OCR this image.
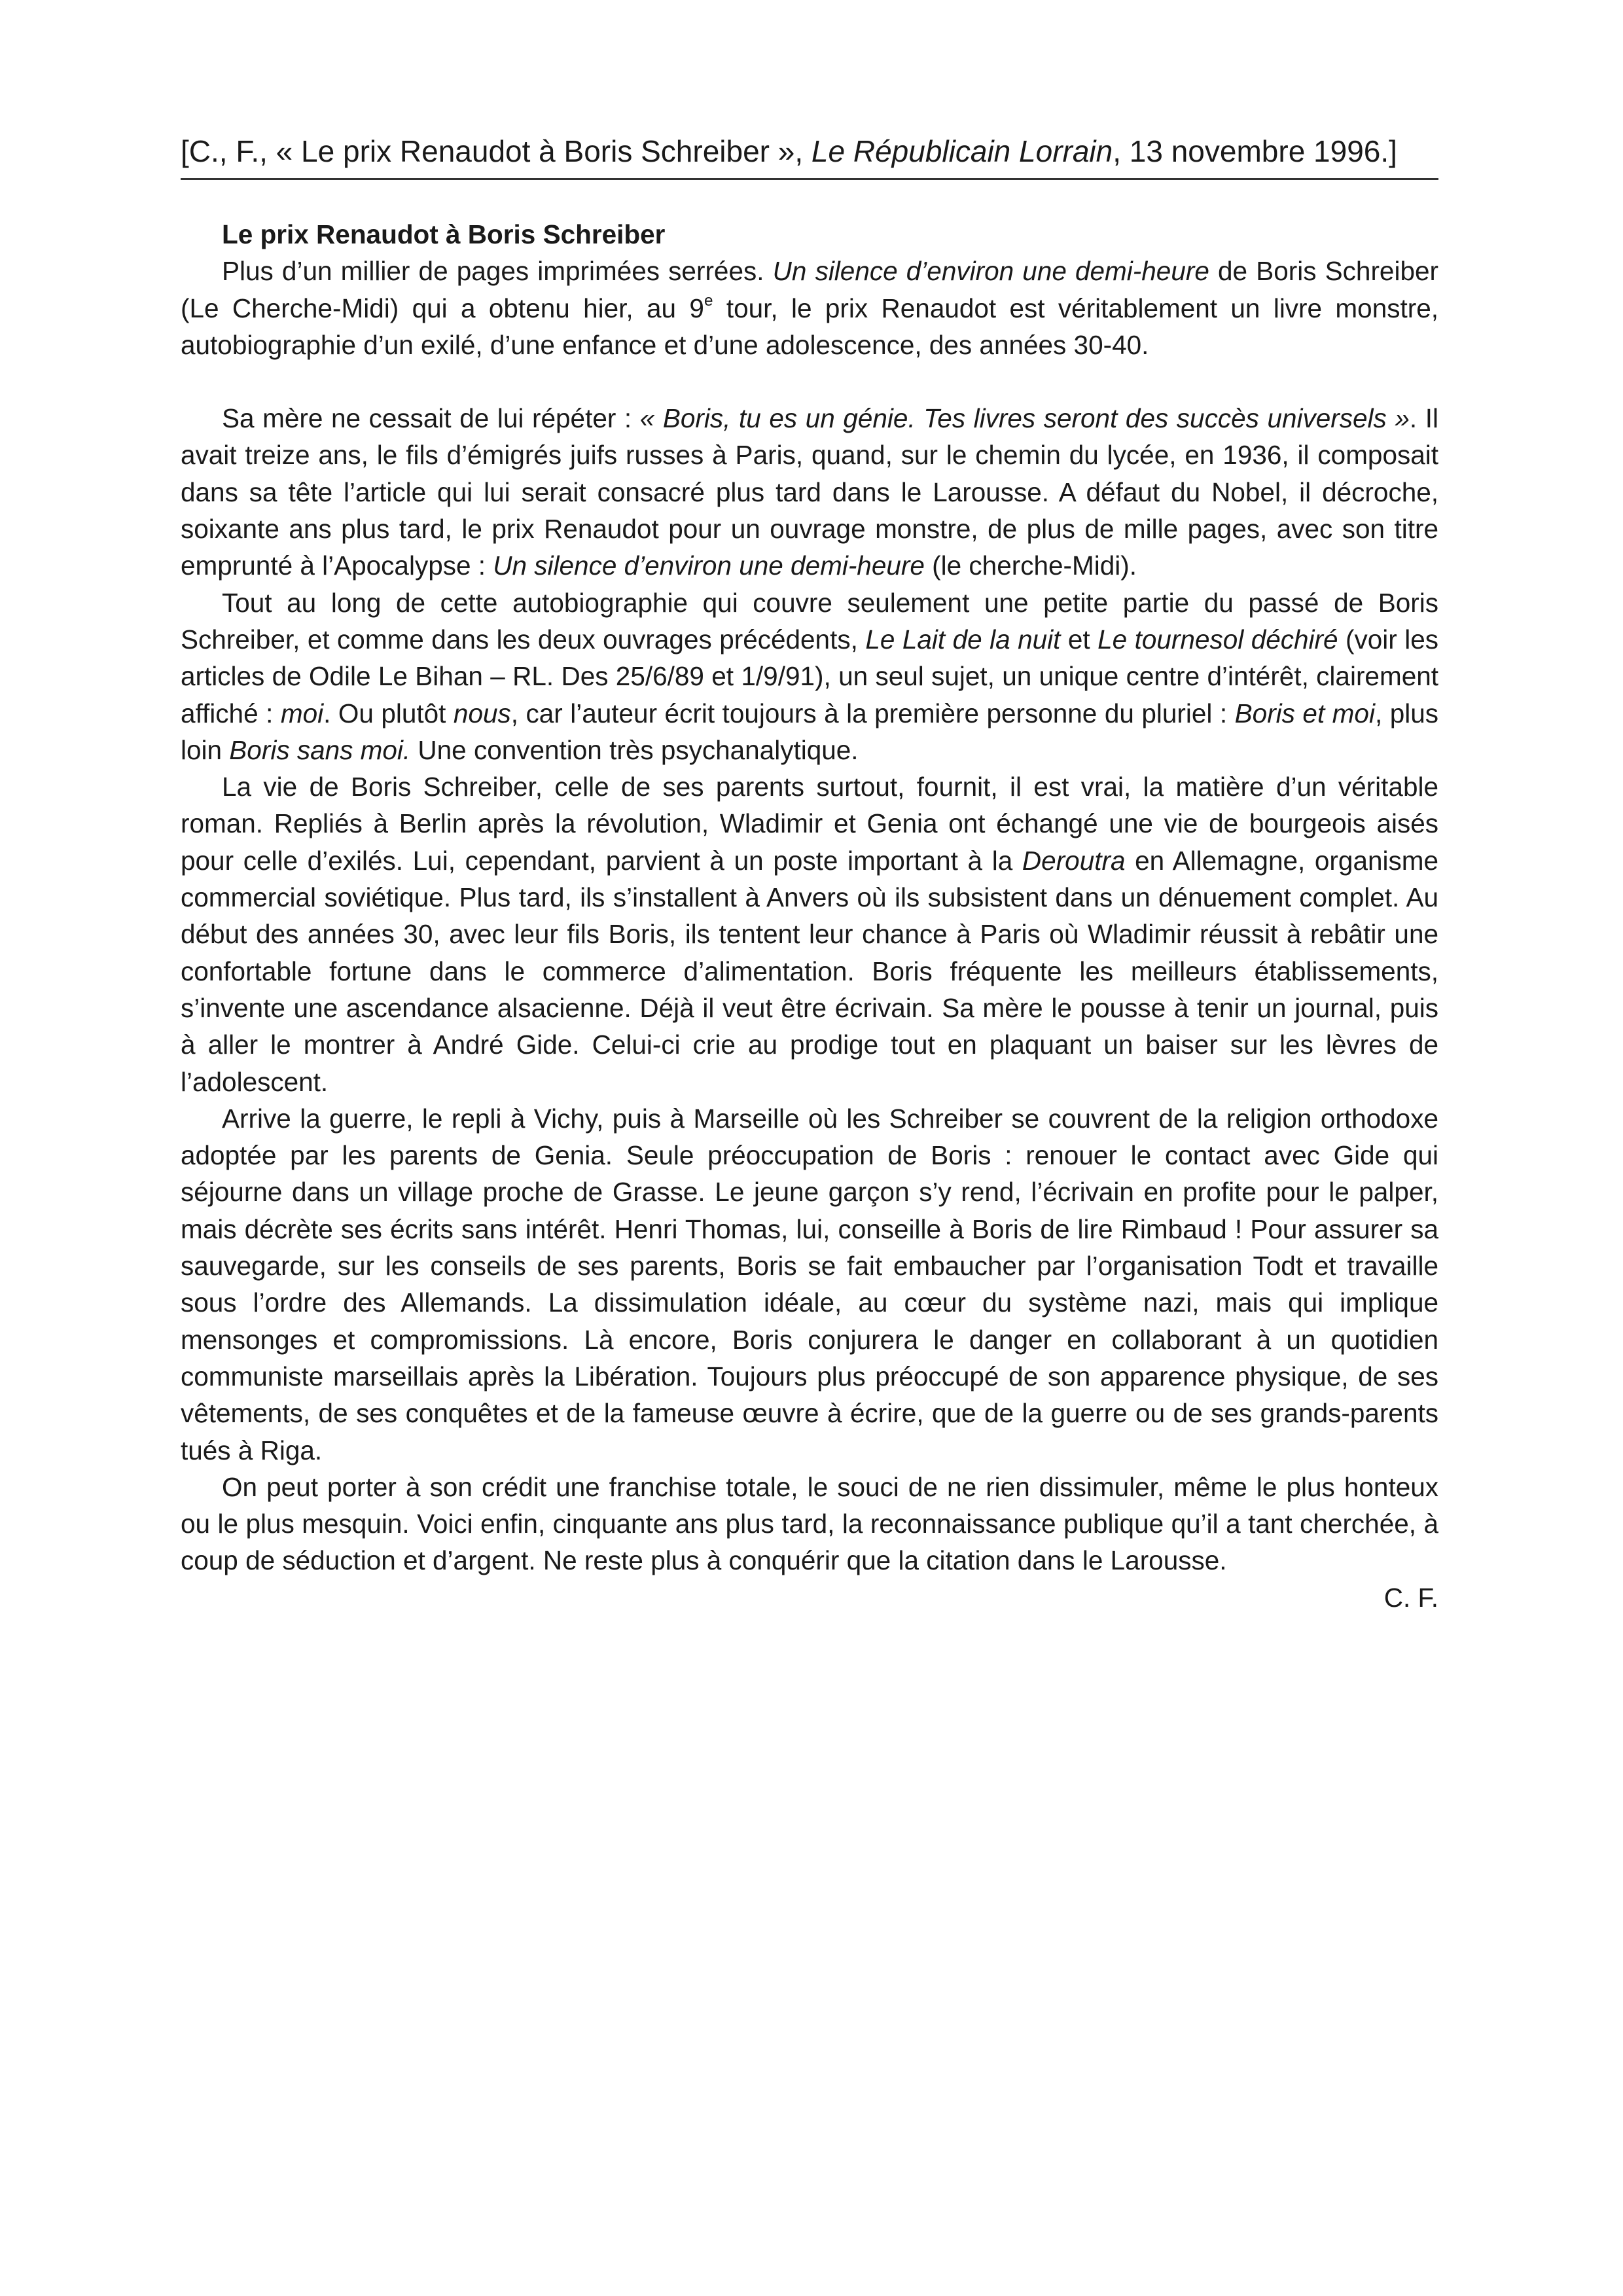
[C., F., « Le prix Renaudot à Boris Schreiber », Le Républicain Lorrain, 13 novembre 1996.]

Le prix Renaudot à Boris Schreiber

Plus d’un millier de pages imprimées serrées. Un silence d’environ une demi-heure de Boris Schreiber (Le Cherche-Midi) qui a obtenu hier, au 9e tour, le prix Renaudot est véritablement un livre monstre, autobiographie d’un exilé, d’une enfance et d’une adolescence, des années 30-40.

Sa mère ne cessait de lui répéter : « Boris, tu es un génie. Tes livres seront des succès universels ». Il avait treize ans, le fils d’émigrés juifs russes à Paris, quand, sur le chemin du lycée, en 1936, il composait dans sa tête l’article qui lui serait consacré plus tard dans le Larousse. A défaut du Nobel, il décroche, soixante ans plus tard, le prix Renaudot pour un ouvrage monstre, de plus de mille pages, avec son titre emprunté à l’Apocalypse : Un silence d’environ une demi-heure (le cherche-Midi).

Tout au long de cette autobiographie qui couvre seulement une petite partie du passé de Boris Schreiber, et comme dans les deux ouvrages précédents, Le Lait de la nuit et Le tournesol déchiré (voir les articles de Odile Le Bihan – RL. Des 25/6/89 et 1/9/91), un seul sujet, un unique centre d’intérêt, clairement affiché : moi. Ou plutôt nous, car l’auteur écrit toujours à la première personne du pluriel : Boris et moi, plus loin Boris sans moi. Une convention très psychanalytique.

La vie de Boris Schreiber, celle de ses parents surtout, fournit, il est vrai, la matière d’un véritable roman. Repliés à Berlin après la révolution, Wladimir et Genia ont échangé une vie de bourgeois aisés pour celle d’exilés. Lui, cependant, parvient à un poste important à la Deroutra en Allemagne, organisme commercial soviétique. Plus tard, ils s’installent à Anvers où ils subsistent dans un dénuement complet. Au début des années 30, avec leur fils Boris, ils tentent leur chance à Paris où Wladimir réussit à rebâtir une confortable fortune dans le commerce d’alimentation. Boris fréquente les meilleurs établissements, s’invente une ascendance alsacienne. Déjà il veut être écrivain. Sa mère le pousse à tenir un journal, puis à aller le montrer à André Gide. Celui-ci crie au prodige tout en plaquant un baiser sur les lèvres de l’adolescent.

Arrive la guerre, le repli à Vichy, puis à Marseille où les Schreiber se couvrent de la religion orthodoxe adoptée par les parents de Genia. Seule préoccupation de Boris : renouer le contact avec Gide qui séjourne dans un village proche de Grasse. Le jeune garçon s’y rend, l’écrivain en profite pour le palper, mais décrète ses écrits sans intérêt. Henri Thomas, lui, conseille à Boris de lire Rimbaud ! Pour assurer sa sauvegarde, sur les conseils de ses parents, Boris se fait embaucher par l’organisation Todt et travaille sous l’ordre des Allemands. La dissimulation idéale, au cœur du système nazi, mais qui implique mensonges et compromissions. Là encore, Boris conjurera le danger en collaborant à un quotidien communiste marseillais après la Libération. Toujours plus préoccupé de son apparence physique, de ses vêtements, de ses conquêtes et de la fameuse œuvre à écrire, que de la guerre ou de ses grands-parents tués à Riga.

On peut porter à son crédit une franchise totale, le souci de ne rien dissimuler, même le plus honteux ou le plus mesquin. Voici enfin, cinquante ans plus tard, la reconnaissance publique qu’il a tant cherchée, à coup de séduction et d’argent. Ne reste plus à conquérir que la citation dans le Larousse.

C. F.
